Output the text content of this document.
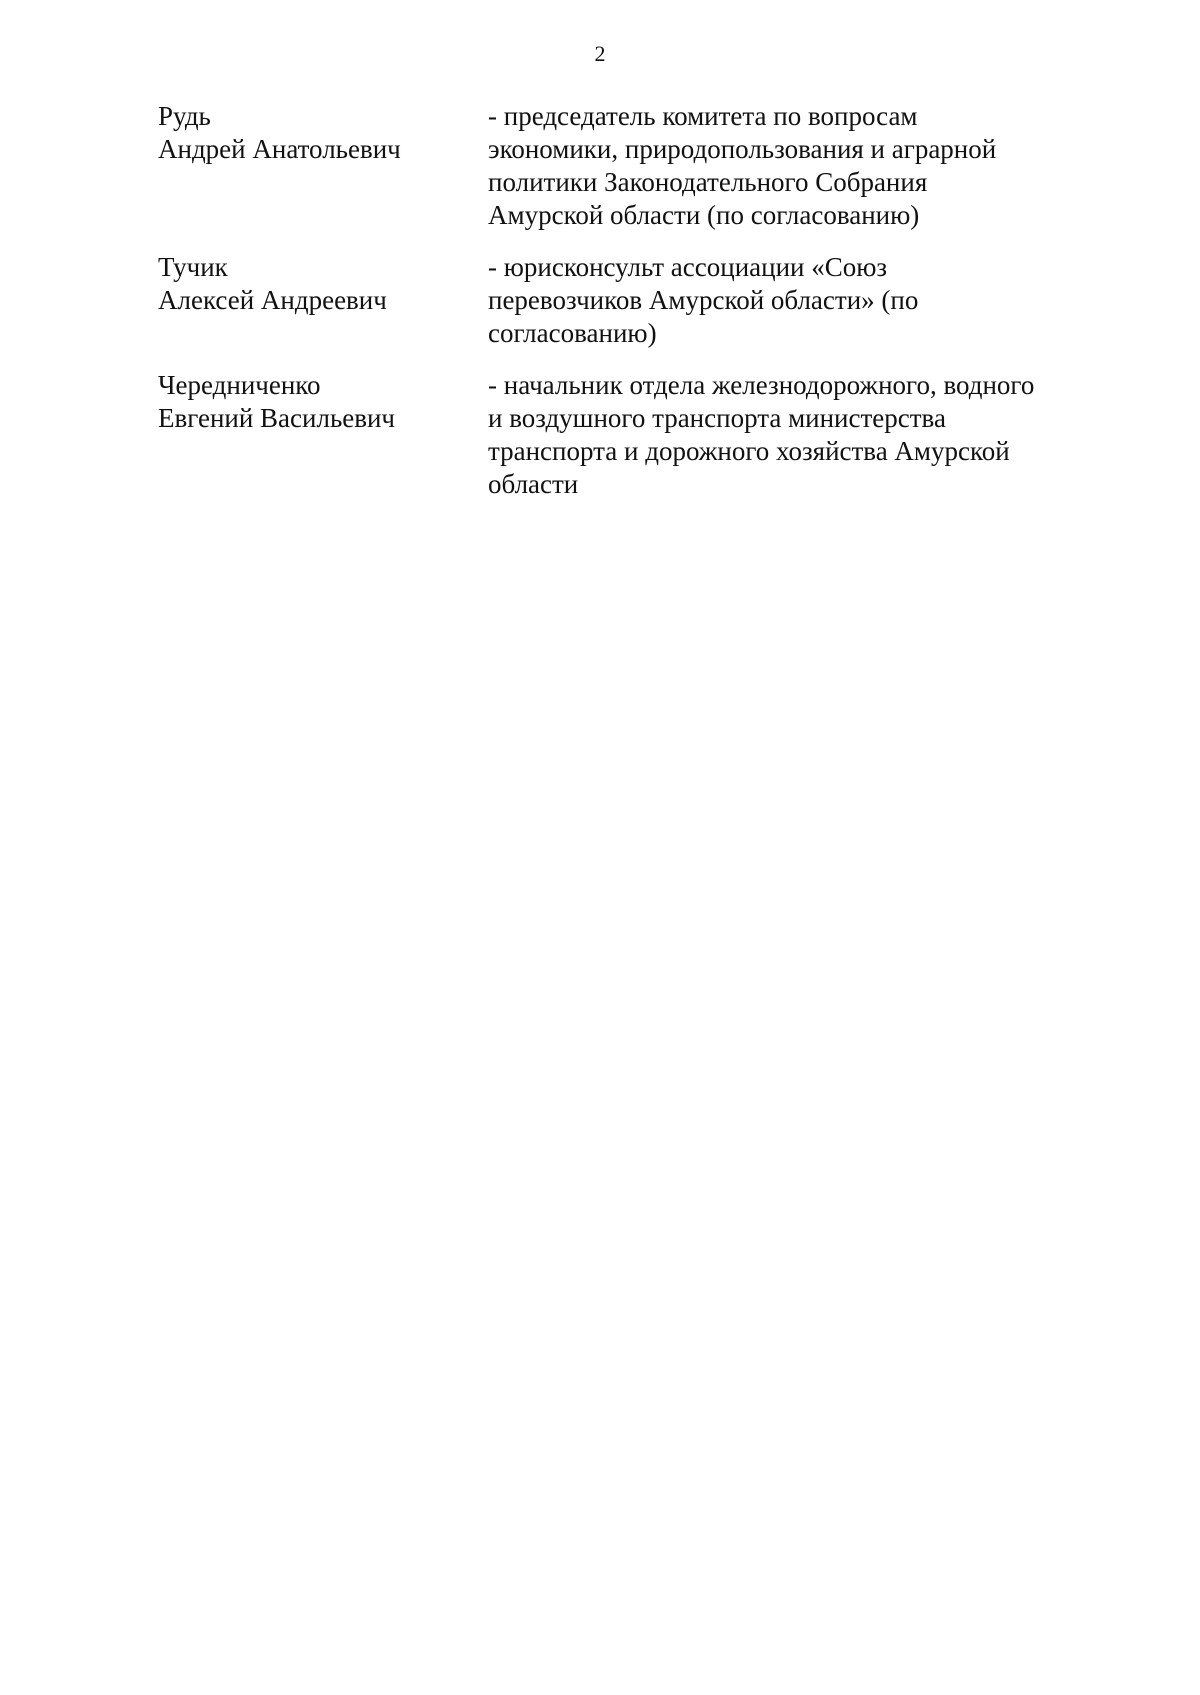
2
Рудь
Андрей Анатольевич
- председатель комитета по вопросам
экономики, природопользования и аграрной
политики Законодательного Собрания
Амурской области (по согласованию)
Тучик
Алексей Андреевич
- юрисконсульт ассоциации «Союз
перевозчиков Амурской области» (по
согласованию)
Чередниченко
Евгений Васильевич
- начальник отдела железнодорожного, водного
и воздушного транспорта министерства
транспорта и дорожного хозяйства Амурской
области
